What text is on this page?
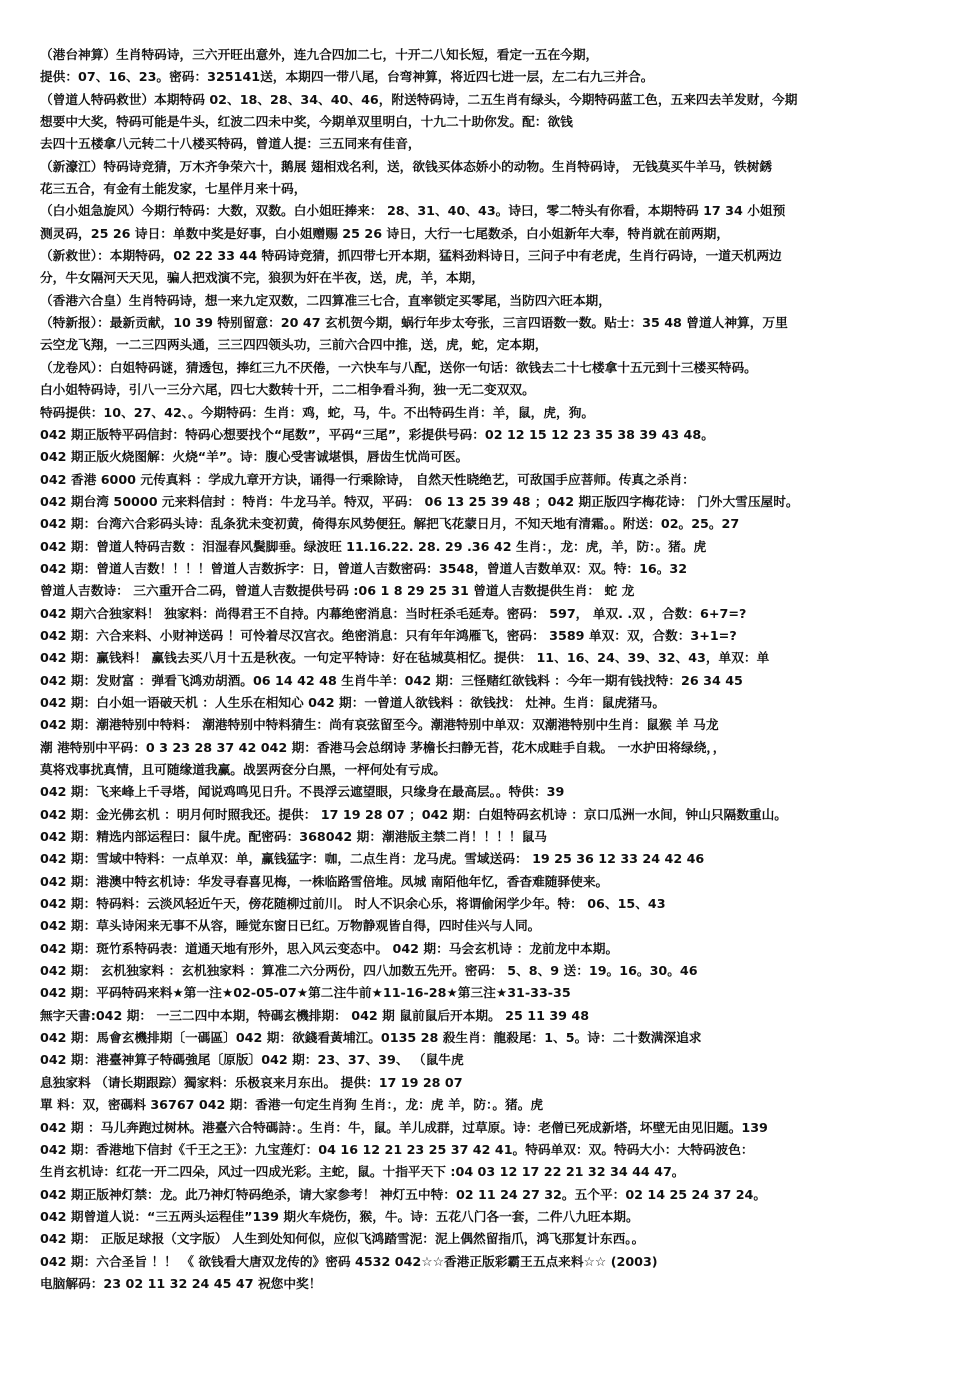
（港台神算）生肖特码诗，三六开旺出意外，连九合四加二七，十开二八知长短，看定一五在今期，
提供：07、16、23。密码：325141送，本期四一带八尾，台弯神算，将近四七进一层，左二右九三并合。
（曾道人特码救世）本期特码 02、18、28、34、40、46，附送特码诗，二五生肖有绿头，今期特码蓝工色，五来四去羊发财，今期
想要中大奖，特码可能是牛头，红波二四未中奖，今期单双里明白，十九二十助你发。配：欲钱
去四十五楼拿八元转二十八楼买特码，曾道人提：三五同来有佳音，
（新濠江）特码诗竞猜，万木齐争荣六十，鹅展 翅相戏名利，送，欲钱买体态娇小的动物。生肖特码诗， 无钱莫买牛羊马，铁树銹
花三五合，有金有土能发家，七星伴月来十码，
（白小姐急旋风）今期行特码：大数，双数。白小姐旺捧来： 28、31、40、43。诗曰，零二特头有你看，本期特码 17 34 小姐预
测灵码，25 26 诗日：单数中奖是好事，白小姐赠赐 25 26 诗日，大行一七尾数杀，白小姐新年大奉，特肖就在前两期，
（新救世）：本期特码，02 22 33 44 特码诗竞猜，抓四带七开本期，猛料劲料诗日，三问子中有老虎，生肖行码诗，一道天机两边
分，牛女隔河天天见，骗人把戏演不完，狼狈为奸在半夜，送，虎，羊，本期，
（香港六合皇）生肖特码诗，想一来九定双数，二四算准三七合，直率锁定买零尾，当防四六旺本期，
（特新报）：最新贡献，10 39 特别留意：20 47 玄机贺今期，蜗行年步太夸张，三言四语数一数。贴士：35 48 曾道人神算，万里
云空龙飞翔，一二三四两头通，三三四四领头功，三前六合四中推，送，虎，蛇，定本期，
（龙卷风）：白姐特码谜，猜透包，捧红三九不厌倦，一六快车与八配，送你一句话：欲钱去二十七楼拿十五元到十三楼买特码。
白小姐特码诗，引八一三分六尾，四七大数转十开，二二相争看斗狗，独一无二变双双。
特码提供：10、27、42、。今期特码：生肖：鸡，蛇，马，牛。不出特码生肖：羊，鼠，虎，狗。
042 期正版特平码信封：特码心想要找个“尾数”，平码“三尾”，彩提供号码：02 12 15 12 23 35 38 39 43 48。
042 期正版火烧图解：火烧“羊”。诗：腹心受害诚堪惧，唇齿生忧尚可医。
042 香港 6000 元传真料 ：学成九章开方诀，诵得一行乘除诗， 自然天性晓绝艺，可敌国手应菩师。传真之杀肖：
042 期台湾 50000 元来料信封 ：特肖：牛龙马羊。特双，平码： 06 13 25 39 48 ；042 期正版四字梅花诗： 门外大雪压屋时。
042 期：台湾六合彩码头诗：乱条犹未变初黄，倚得东风势便狂。解把飞花蒙日月，不知天地有清霜。。附送：02。25。27
042 期：曾道人特码吉数 ：泪湿春风鬓脚垂。绿波旺 11.16.22. 28. 29 .36 42 生肖：，龙：虎，羊，防：。猪。虎
042 期：曾道人吉数！！！！曾道人吉数拆字：日，曾道人吉数密码：3548，曾道人吉数单双：双。特：16。32
曾道人吉数诗： 三六重开合二码，曾道人吉数提供号码 :06 1 8 29 25 31 曾道人吉数提供生肖： 蛇 龙
042 期六合独家料！ 独家料：尚得君王不自持。内幕绝密消息：当时枉杀毛延寿。密码： 597， 单双. .双 ，合数：6+7=?
042 期：六合来料、小财神送码 ！可怜着尽汉宫衣。绝密消息：只有年年鸿雁飞，密码： 3589 单双：双，合数：3+1=?
042 期：赢钱料！ 赢钱去买八月十五是秋夜。一句定平特诗：好在毡城莫相忆。提供： 11、16、24、39、32、43，单双：单
042 期：发财富 ：弹看飞鸿劝胡酒。06 14 42 48 生肖牛羊：042 期：三怪赌红欲钱料 ：今年一期有钱找特：26 34 45
042 期：白小姐一语破天机 ：人生乐在相知心 042 期：一曾道人欲钱料 ：欲钱找： 灶神。生肖：鼠虎猪马。
042 期：潮港特别中特料： 潮港特别中特料猜生：尚有哀弦留至今。潮港特别中单双：双潮港特别中生肖：鼠猴 羊 马龙
潮 港特别中平码：0 3 23 28 37 42 042 期：香港马会总纲诗 茅檐长扫静无苔，花木成畦手自栽。 一水护田将绿绕，，
莫将戏事扰真情，且可随缘道我赢。战罢两奁分白黑，一枰何处有亏成。
042 期：飞来峰上千寻塔，闻说鸡鸣见日升。不畏浮云遮望眼，只缘身在最高层。。特供：39
042 期：金光佛玄机 ：明月何时照我还。提供： 17 19 28 07 ；042 期：白姐特码玄机诗 ：京口瓜洲一水间，钟山只隔数重山。
042 期：精选内部运程曰：鼠牛虎。配密码：368042 期：潮港版主禁二肖！！！！鼠马
042 期：雪域中特料：一点单双：单，赢钱猛字：咖，二点生肖：龙马虎。雪域送码： 19 25 36 12 33 24 42 46
042 期：港澳中特玄机诗：华发寻春喜见梅，一株临路雪倍堆。凤城 南陌他年忆，香杳难随驿使来。
042 期：特码料：云淡风轻近午天，傍花随柳过前川。 时人不识余心乐，将谓偷闲学少年。特： 06、15、43
042 期：草头诗闲来无事不从容，睡觉东窗日已红。万物静观皆自得，四时佳兴与人同。
042 期：斑竹系特码表：道通天地有形外，思入风云变态中。 042 期：马会玄机诗 ：龙前龙中本期。
042 期： 玄机独家料 ：玄机独家料 ：算准二六分两份，四八加数五先开。密码： 5、8、9 送：19。16。30。46
042 期：平码特码来料★第一注★02-05-07★第二注牛前★11-16-28★第三注★31-33-35
無字天書:042 期： 一三二四中本期，特碼玄機排期： 042 期 鼠前鼠后开本期。 25 11 39 48
042 期：馬會玄機排期〔一碼區〕042 期：欲錢看黃埔江。0135 28 殺生肖：龍殺尾：1、5。诗：二十数满深追求
042 期：港臺神算子特碼強尾〔原版〕042 期：23、37、39、 （鼠牛虎
息独家料 （请长期跟踪）獨家料：乐极哀来月东出。 提供：17 19 28 07
單 料：双，密碼料 36767 042 期：香港一句定生肖狗 生肖：，龙：虎 羊，防：。猪。虎
042 期 ：马儿奔跑过树林。港臺六合特碼詩：。生肖：牛，鼠。羊儿成群，过草原。诗：老僧已死成新塔，坏壁无由见旧题。139
042 期：香港地下信封《千王之王》：九宝莲灯：04 16 12 21 23 25 37 42 41。特码单双：双。特码大小：大特码波色：
生肖玄机诗：红花一开二四朵，风过一四成光彩。主蛇，鼠。十指平天下 :04 03 12 17 22 21 32 34 44 47。
042 期正版神灯禁：龙。此乃神灯特码绝杀，请大家参考！ 神灯五中特：02 11 24 27 32。五个平：02 14 25 24 37 24。
042 期曾道人说：“三五两头运程佳”139 期火车烧伤，猴，牛。诗：五花八门各一套，二件八九旺本期。
042 期： 正版足球报（文字版） 人生到处知何似，应似飞鸿踏雪泥：泥上偶然留指爪，鸿飞那复计东西。。
042 期：六合圣旨 ！！ 《 欲钱看大唐双龙传的》密码 4532 042☆☆香港正版彩霸王五点来料☆☆ (2003)
电脑解码：23 02 11 32 24 45 47 祝您中奖！
